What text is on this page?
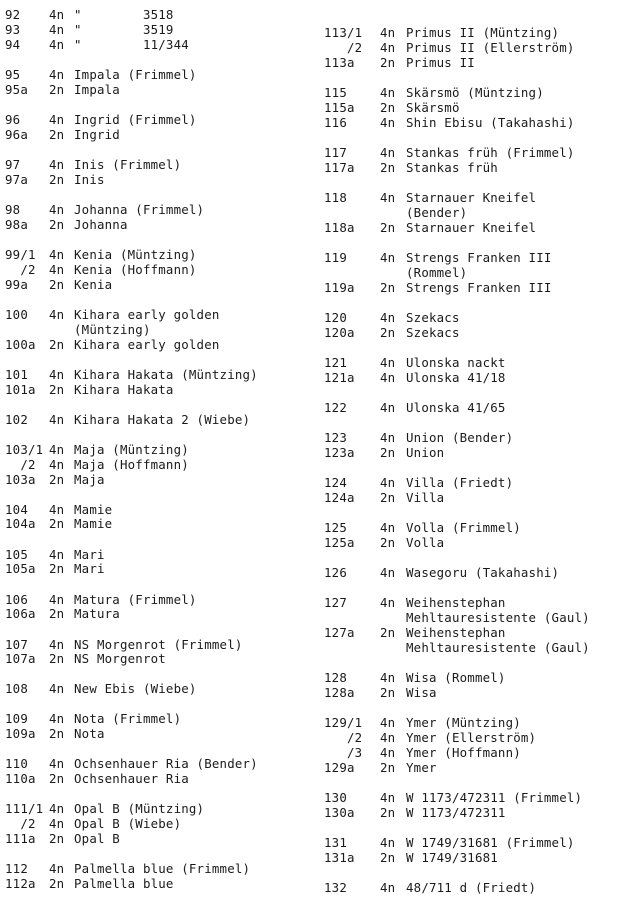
92	4n "        3518
93	4n "        3519
94	4n "        11/344
95	4n Impala (Frimmel)
95a	2n Impala
96	4n Ingrid (Frimmel)
96a	2n Ingrid
97	4n Inis (Frimmel)
97a	2n Inis
98	4n Johanna (Frimmel)
98a	2n Johanna
99/1	4n Kenia (Müntzing)
/2	4n Kenia (Hoffmann)
99a	2n Kenia
100	4n Kihara early golden
(Müntzing)
100a	2n Kihara early golden
101	4n Kihara Hakata (Müntzing)
101a	2n Kihara Hakata
102	4n Kihara Hakata 2 (Wiebe)
103/1 4n Maja (Müntzing)
/2	4n Maja (Hoffmann)
103a	2n Maja
104	4n Mamie
104a	2n Mamie
105	4n Mari
105a	2n Mari
106	4n Matura (Frimmel)
106a	2n Matura
107	4n NS Morgenrot (Frimmel)
107a	2n NS Morgenrot
108	4n New Ebis (Wiebe)
109	4n Nota (Frimmel)
109a	2n Nota
110	4n Ochsenhauer Ria (Bender)
110a	2n Ochsenhauer Ria
111/1 4n Opal B (Müntzing)
/2	4n Opal B (Wiebe)
111a	2n Opal B
112	4n Palmella blue (Frimmel)
112a	2n Palmella blue
113/1	4n Primus II (Müntzing)
/2	4n Primus II (Ellerström)
113a	2n Primus II
115	4n Skärsmö (Müntzing)
115a	2n Skärsmö
116	4n Shin Ebisu (Takahashi)
117	4n Stankas früh (Frimmel)
117a	2n Stankas früh
118	4n Starnauer Kneifel
(Bender)
118a	2n Starnauer Kneifel
119	4n Strengs Franken III
(Rommel)
119a	2n Strengs Franken III
120	4n Szekacs
120a	2n Szekacs
121	4n Ulonska nackt
121a	4n Ulonska 41/18
122	4n Ulonska 41/65
123	4n Union (Bender)
123a	2n Union
124	4n Villa (Friedt)
124a	2n Villa
125	4n Volla (Frimmel)
125a	2n Volla
126	4n Wasegoru (Takahashi)
127	4n Weihenstephan
Mehltauresistente (Gaul)
127a	2n Weihenstephan
Mehltauresistente (Gaul)
128	4n Wisa (Rommel)
128a	2n Wisa
129/1	4n Ymer (Müntzing)
/2	4n Ymer (Ellerström)
/3	4n Ymer (Hoffmann)
129a	2n Ymer
130	4n W 1173/472311 (Frimmel)
130a	2n W 1173/472311
131	4n W 1749/31681 (Frimmel)
131a	2n W 1749/31681
132	4n 48/711 d (Friedt)
